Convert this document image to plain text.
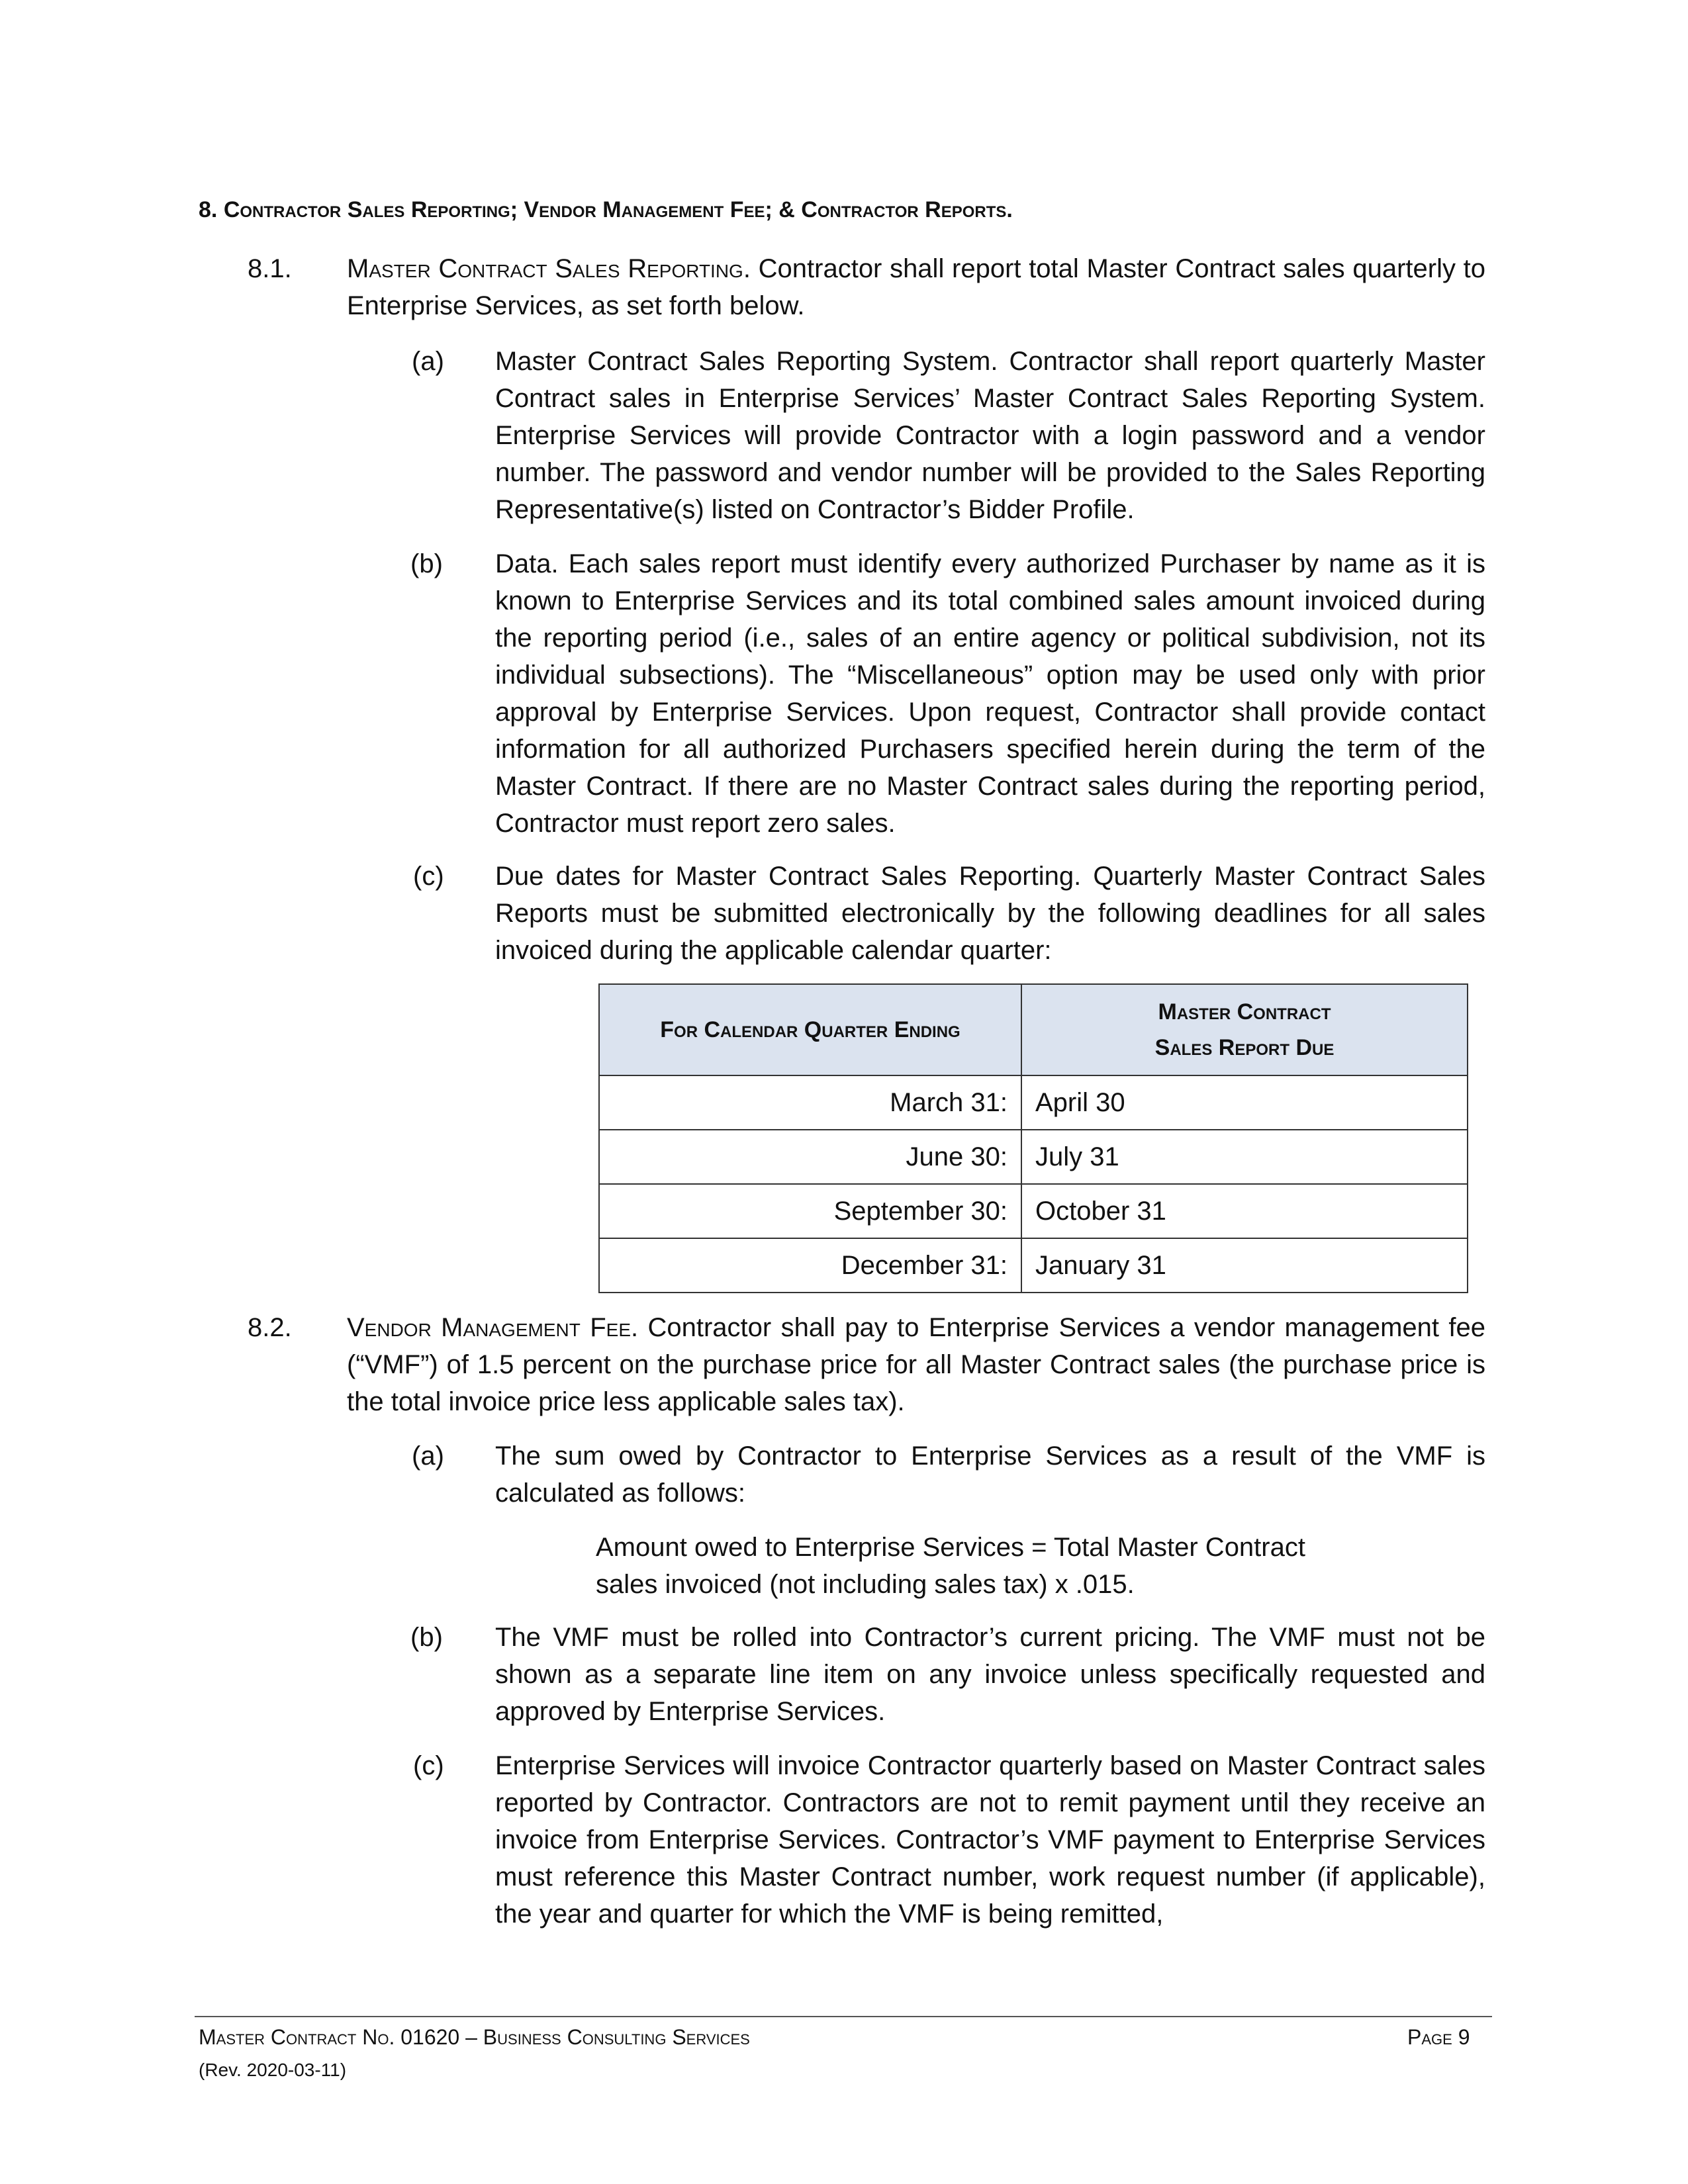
8. Contractor Sales Reporting; Vendor Management Fee; & Contractor Reports.
8.1. Master Contract Sales Reporting. Contractor shall report total Master Contract sales quarterly to Enterprise Services, as set forth below.
(a) Master Contract Sales Reporting System. Contractor shall report quarterly Master Contract sales in Enterprise Services’ Master Contract Sales Reporting System. Enterprise Services will provide Contractor with a login password and a vendor number. The password and vendor number will be provided to the Sales Reporting Representative(s) listed on Contractor’s Bidder Profile.
(b) Data. Each sales report must identify every authorized Purchaser by name as it is known to Enterprise Services and its total combined sales amount invoiced during the reporting period (i.e., sales of an entire agency or political subdivision, not its individual subsections). The “Miscellaneous” option may be used only with prior approval by Enterprise Services. Upon request, Contractor shall provide contact information for all authorized Purchasers specified herein during the term of the Master Contract. If there are no Master Contract sales during the reporting period, Contractor must report zero sales.
(c) Due dates for Master Contract Sales Reporting. Quarterly Master Contract Sales Reports must be submitted electronically by the following deadlines for all sales invoiced during the applicable calendar quarter:
For Calendar Quarter Ending	Master Contract
Sales Report Due

March 31:	April 30
June 30:	July 31
September 30:	October 31
December 31:	January 31
8.2. Vendor Management Fee. Contractor shall pay to Enterprise Services a vendor management fee (“VMF”) of 1.5 percent on the purchase price for all Master Contract sales (the purchase price is the total invoice price less applicable sales tax).
(a) The sum owed by Contractor to Enterprise Services as a result of the VMF is calculated as follows:
Amount owed to Enterprise Services = Total Master Contract
sales invoiced (not including sales tax) x .015.
(b) The VMF must be rolled into Contractor’s current pricing. The VMF must not be shown as a separate line item on any invoice unless specifically requested and approved by Enterprise Services.
(c) Enterprise Services will invoice Contractor quarterly based on Master Contract sales reported by Contractor. Contractors are not to remit payment until they receive an invoice from Enterprise Services. Contractor’s VMF payment to Enterprise Services must reference this Master Contract number, work request number (if applicable), the year and quarter for which the VMF is being remitted,
Master Contract No. 01620 – Business Consulting Services
(Rev. 2020-03-11)
Page 9
